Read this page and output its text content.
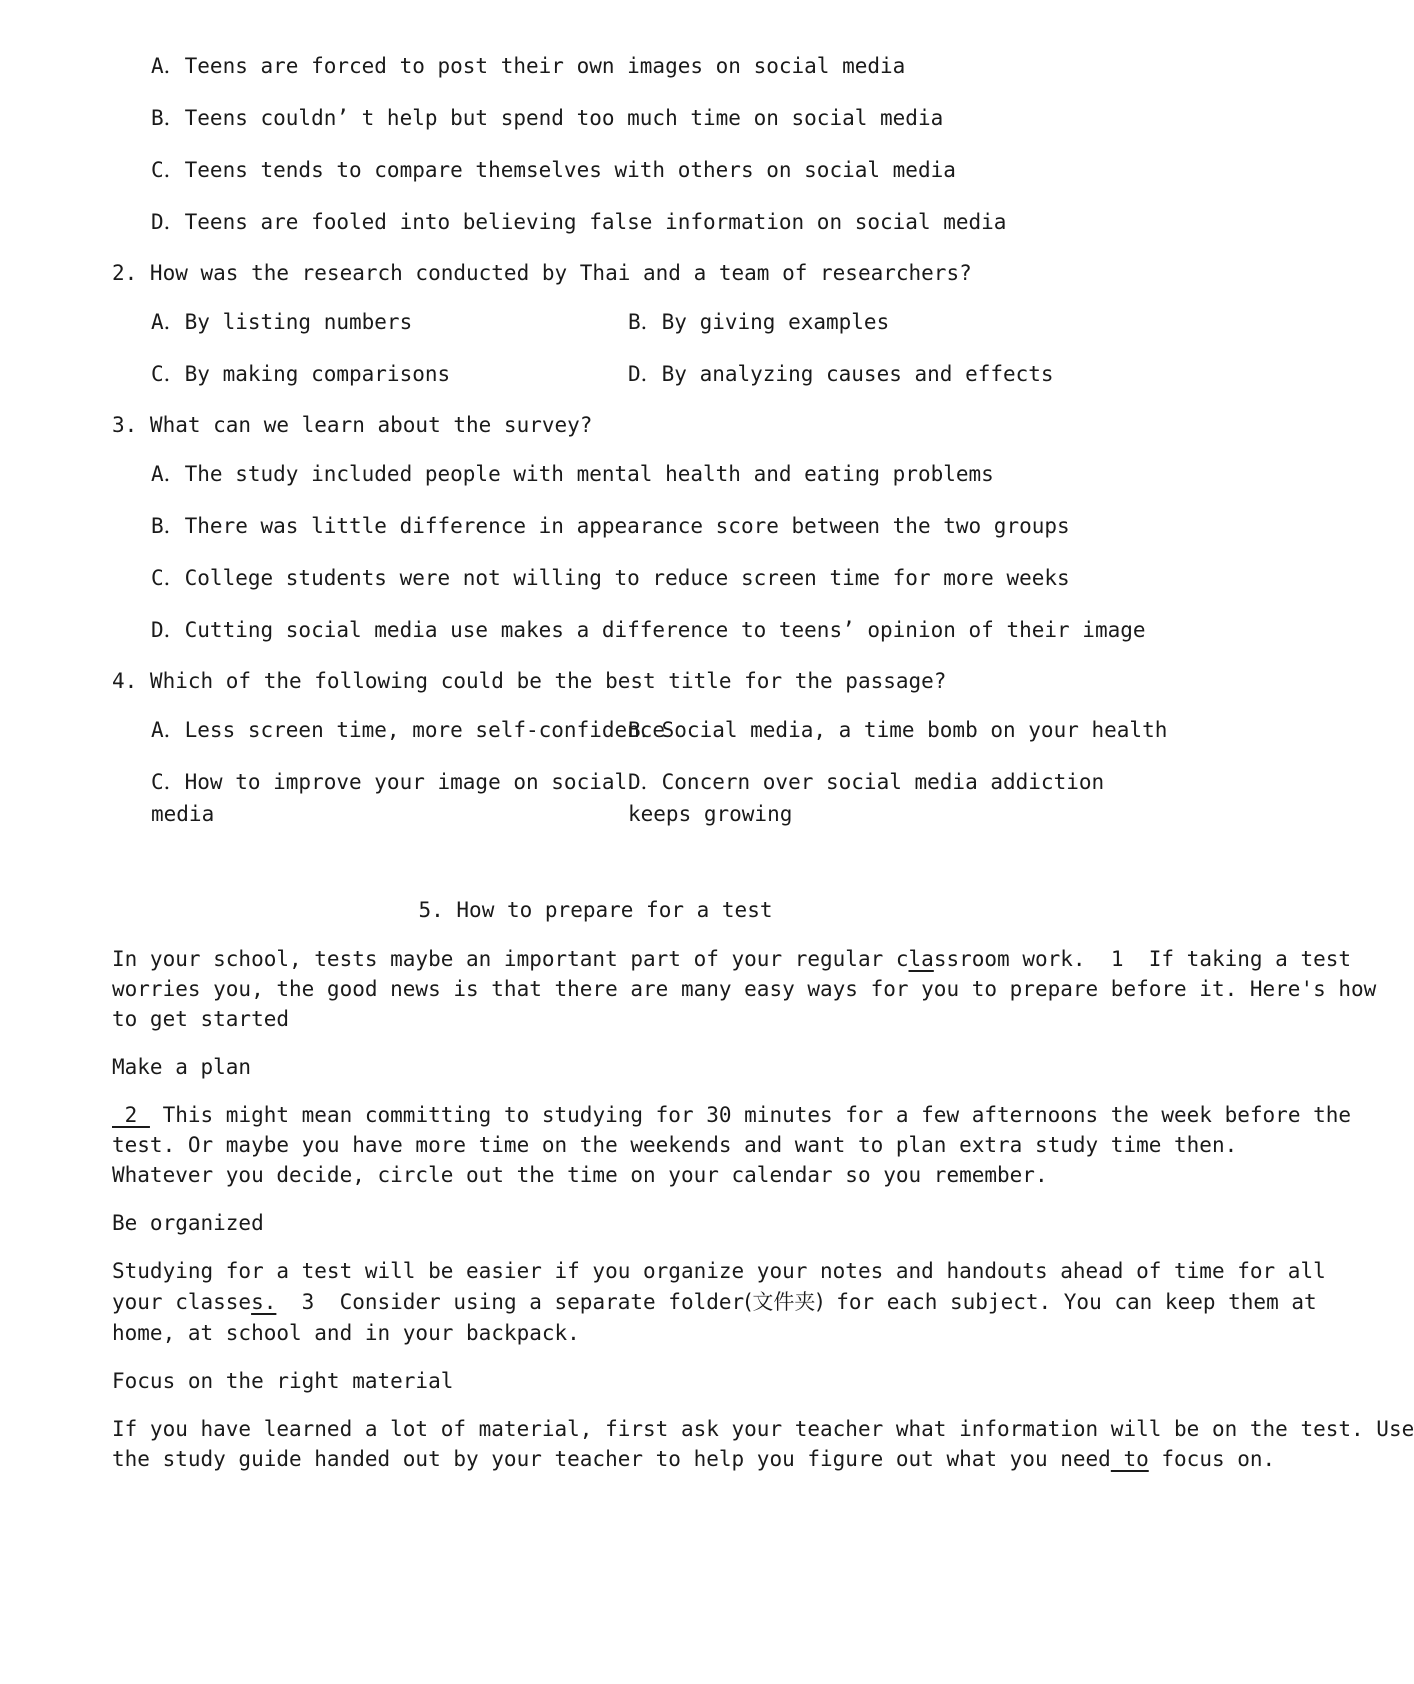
A．Teens are forced to post their own images on social media
B．Teens couldn’ t help but spend too much time on social media
C．Teens tends to compare themselves with others on social media
D．Teens are fooled into believing false information on social media
2. How was the research conducted by Thai and a team of researchers?
A．By listing numbers	B．By giving examples
C．By making comparisons	D．By analyzing causes and effects
3. What can we learn about the survey?
A．The study included people with mental health and eating problems
B．There was little difference in appearance score between the two groups
C．College students were not willing to reduce screen time for more weeks
D．Cutting social media use makes a difference to teens’ opinion of their image
4. Which of the following could be the best title for the passage?
A．Less screen time, more self-confidence
B．Social media, a time bomb on your health
C．How to improve your image on social
media
D．Concern over social media addiction
keeps growing
5. How to prepare for a test
In your school, tests maybe an important part of your regular classroom work.  1  If taking a test
worries you, the good news is that there are many easy ways for you to prepare before it. Here's how
to get started
Make a plan
2  This might mean committing to studying for 30 minutes for a few afternoons the week before the
test. Or maybe you have more time on the weekends and want to plan extra study time then.
Whatever you decide, circle out the time on your calendar so you remember.
Be organized
Studying for a test will be easier if you organize your notes and handouts ahead of time for all
your classes.  3  Consider using a separate folder(文件夹) for each subject. You can keep them at
home, at school and in your backpack.
Focus on the right material
If you have learned a lot of material, first ask your teacher what information will be on the test. Use
the study guide handed out by your teacher to help you figure out what you need to focus on.
